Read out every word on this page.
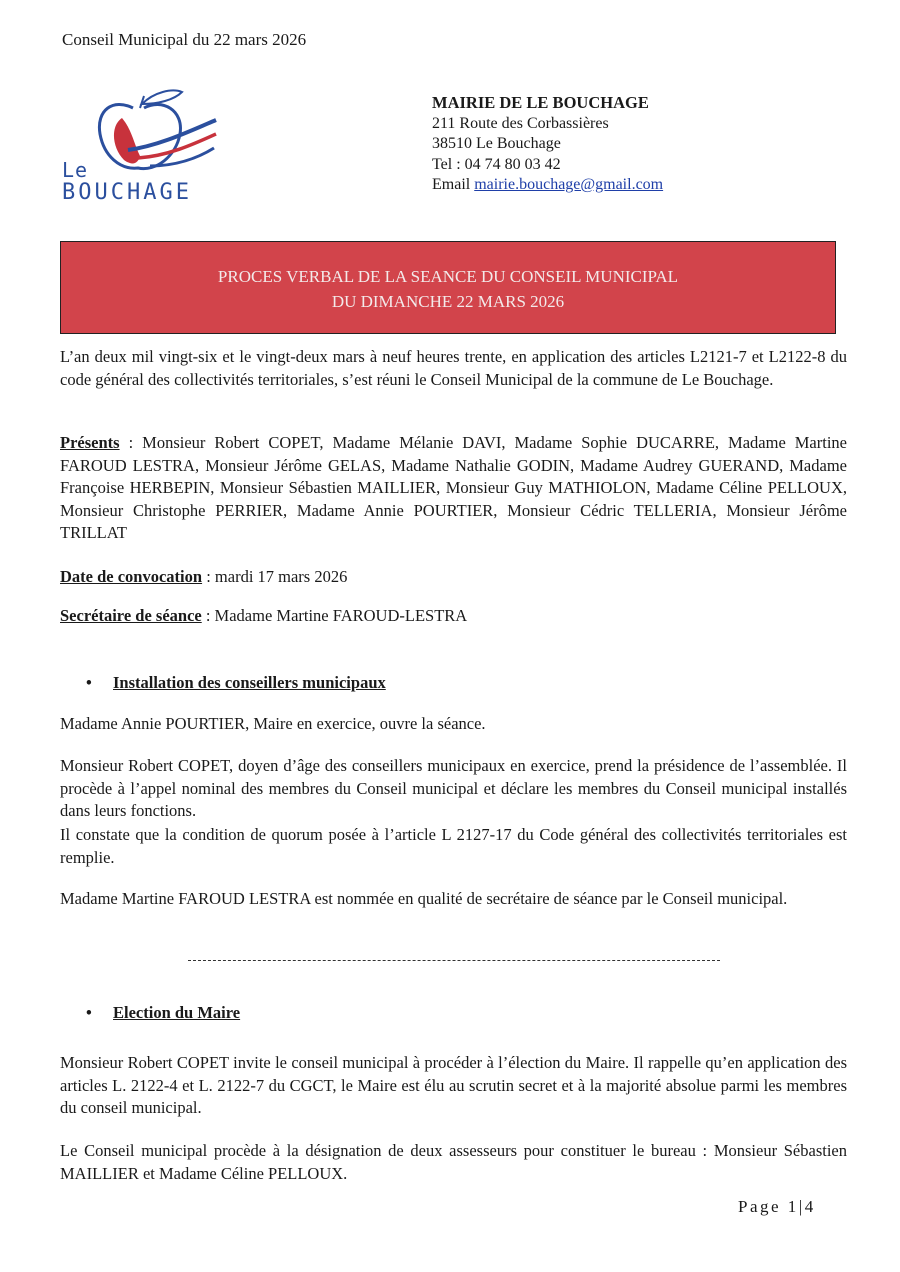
Conseil Municipal du 22 mars 2026
Le
BOUCHAGE
MAIRIE DE LE BOUCHAGE
211 Route des Corbassières
38510 Le Bouchage
Tel : 04 74 80 03 42
Email mairie.bouchage@gmail.com
PROCES VERBAL DE LA SEANCE DU CONSEIL MUNICIPAL
DU DIMANCHE 22 MARS 2026
L’an deux mil vingt-six et le vingt-deux mars à neuf heures trente, en application des articles L2121-7 et L2122-8 du code général des collectivités territoriales, s’est réuni le Conseil Municipal de la commune de Le Bouchage.
Présents : Monsieur Robert COPET, Madame Mélanie DAVI, Madame Sophie DUCARRE, Madame Martine FAROUD LESTRA, Monsieur Jérôme GELAS, Madame Nathalie GODIN, Madame Audrey GUERAND, Madame Françoise HERBEPIN, Monsieur Sébastien MAILLIER, Monsieur Guy MATHIOLON, Madame Céline PELLOUX, Monsieur Christophe PERRIER, Madame Annie POURTIER, Monsieur Cédric TELLERIA, Monsieur Jérôme TRILLAT
Date de convocation : mardi 17 mars 2026
Secrétaire de séance : Madame Martine FAROUD-LESTRA
• Installation des conseillers municipaux
Madame Annie POURTIER, Maire en exercice, ouvre la séance.
Monsieur Robert COPET, doyen d’âge des conseillers municipaux en exercice, prend la présidence de l’assemblée. Il procède à l’appel nominal des membres du Conseil municipal et déclare les membres du Conseil municipal installés dans leurs fonctions.
Il constate que la condition de quorum posée à l’article L 2127-17 du Code général des collectivités territoriales est remplie.
Madame Martine FAROUD LESTRA est nommée en qualité de secrétaire de séance par le Conseil municipal.
• Election du Maire
Monsieur Robert COPET invite le conseil municipal à procéder à l’élection du Maire. Il rappelle qu’en application des articles L. 2122-4 et L. 2122-7 du CGCT, le Maire est élu au scrutin secret et à la majorité absolue parmi les membres du conseil municipal.
Le Conseil municipal procède à la désignation de deux assesseurs pour constituer le bureau : Monsieur Sébastien MAILLIER et Madame Céline PELLOUX.
Page 1|4
